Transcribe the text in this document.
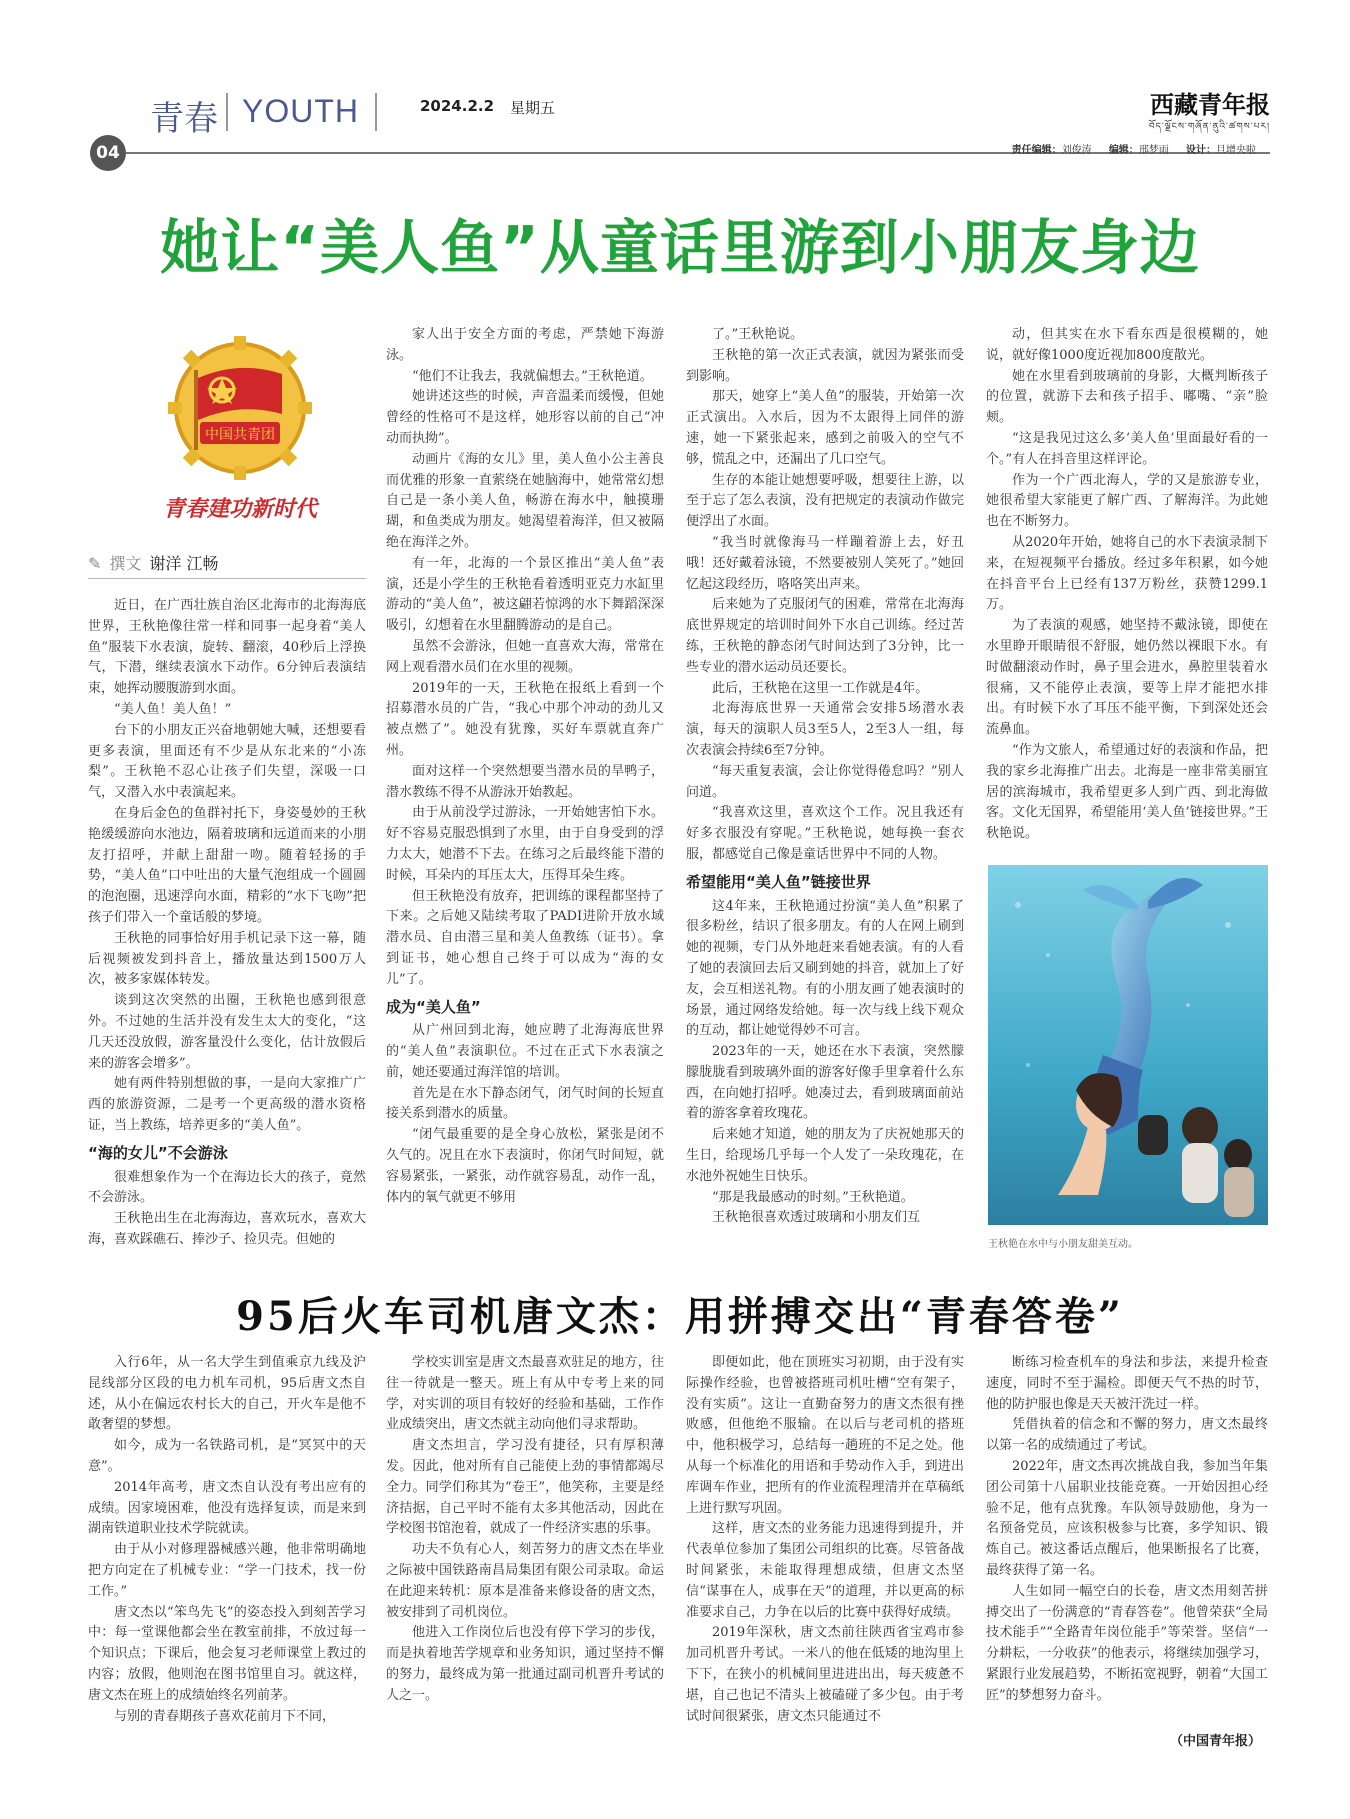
青春 YOUTH	2024.2.2 星期五	西藏青年报
བོད་ལྗོངས་གཞོན་ནུའི་ཚགས་པར།
04	责任编辑：刘俊涛 编辑：邢梦雨 设计：旦增央啦
她让“美人鱼”从童话里游到小朋友身边
中国共青团
青春建功新时代
✎ 撰文 谢洋 江畅

近日，在广西壮族自治区北海市的北海海底世界，王秋艳像往常一样和同事一起身着“美人鱼”服装下水表演，旋转、翻滚，40秒后上浮换气，下潜，继续表演水下动作。6分钟后表演结束，她挥动腰腹游到水面。

“美人鱼！美人鱼！”

台下的小朋友正兴奋地朝她大喊，还想要看更多表演，里面还有不少是从东北来的“小冻梨”。王秋艳不忍心让孩子们失望，深吸一口气，又潜入水中表演起来。

在身后金色的鱼群衬托下，身姿曼妙的王秋艳缓缓游向水池边，隔着玻璃和远道而来的小朋友打招呼，并献上甜甜一吻。随着轻扬的手势，“美人鱼”口中吐出的大量气泡组成一个圆圆的泡泡圈，迅速浮向水面，精彩的“水下飞吻”把孩子们带入一个童话般的梦境。

王秋艳的同事恰好用手机记录下这一幕，随后视频被发到抖音上，播放量达到1500万人次，被多家媒体转发。

谈到这次突然的出圈，王秋艳也感到很意外。不过她的生活并没有发生太大的变化，“这几天还没放假，游客量没什么变化，估计放假后来的游客会增多”。

她有两件特别想做的事，一是向大家推广广西的旅游资源，二是考一个更高级的潜水资格证，当上教练，培养更多的“美人鱼”。

“海的女儿”不会游泳

很难想象作为一个在海边长大的孩子，竟然不会游泳。

王秋艳出生在北海海边，喜欢玩水，喜欢大海，喜欢踩礁石、捧沙子、捡贝壳。但她的

家人出于安全方面的考虑，严禁她下海游泳。

“他们不让我去，我就偏想去。”王秋艳道。

她讲述这些的时候，声音温柔而缓慢，但她曾经的性格可不是这样，她形容以前的自己“冲动而执拗”。

动画片《海的女儿》里，美人鱼小公主善良而优雅的形象一直萦绕在她脑海中，她常常幻想自己是一条小美人鱼，畅游在海水中，触摸珊瑚，和鱼类成为朋友。她渴望着海洋，但又被隔绝在海洋之外。

有一年，北海的一个景区推出“美人鱼”表演，还是小学生的王秋艳看着透明亚克力水缸里游动的“美人鱼”，被这翩若惊鸿的水下舞蹈深深吸引，幻想着在水里翻腾游动的是自己。

虽然不会游泳，但她一直喜欢大海，常常在网上观看潜水员们在水里的视频。

2019年的一天，王秋艳在报纸上看到一个招募潜水员的广告，“我心中那个冲动的劲儿又被点燃了”。她没有犹豫，买好车票就直奔广州。

面对这样一个突然想要当潜水员的旱鸭子，潜水教练不得不从游泳开始教起。

由于从前没学过游泳，一开始她害怕下水。好不容易克服恐惧到了水里，由于自身受到的浮力太大，她潜不下去。在练习之后最终能下潜的时候，耳朵内的耳压太大，压得耳朵生疼。

但王秋艳没有放弃，把训练的课程都坚持了下来。之后她又陆续考取了PADI进阶开放水域潜水员、自由潜三星和美人鱼教练（证书）。拿到证书，她心想自己终于可以成为“海的女儿”了。

成为“美人鱼”

从广州回到北海，她应聘了北海海底世界的“美人鱼”表演职位。不过在正式下水表演之前，她还要通过海洋馆的培训。

首先是在水下静态闭气，闭气时间的长短直接关系到潜水的质量。

“闭气最重要的是全身心放松，紧张是闭不久气的。况且在水下表演时，你闭气时间短，就容易紧张，一紧张，动作就容易乱，动作一乱，体内的氧气就更不够用

了。”王秋艳说。

王秋艳的第一次正式表演，就因为紧张而受到影响。

那天，她穿上“美人鱼”的服装，开始第一次正式演出。入水后，因为不太跟得上同伴的游速，她一下紧张起来，感到之前吸入的空气不够，慌乱之中，还漏出了几口空气。

生存的本能让她想要呼吸，想要往上游，以至于忘了怎么表演，没有把规定的表演动作做完便浮出了水面。

“我当时就像海马一样蹦着游上去，好丑哦！还好戴着泳镜，不然要被别人笑死了。”她回忆起这段经历，咯咯笑出声来。

后来她为了克服闭气的困难，常常在北海海底世界规定的培训时间外下水自己训练。经过苦练，王秋艳的静态闭气时间达到了3分钟，比一些专业的潜水运动员还要长。

此后，王秋艳在这里一工作就是4年。

北海海底世界一天通常会安排5场潜水表演，每天的演职人员3至5人，2至3人一组，每次表演会持续6至7分钟。

“每天重复表演，会让你觉得倦怠吗？”别人问道。

“我喜欢这里，喜欢这个工作。况且我还有好多衣服没有穿呢。”王秋艳说，她每换一套衣服，都感觉自己像是童话世界中不同的人物。

希望能用“美人鱼”链接世界

这4年来，王秋艳通过扮演“美人鱼”积累了很多粉丝，结识了很多朋友。有的人在网上刷到她的视频，专门从外地赶来看她表演。有的人看了她的表演回去后又刷到她的抖音，就加上了好友，会互相送礼物。有的小朋友画了她表演时的场景，通过网络发给她。每一次与线上线下观众的互动，都让她觉得妙不可言。

2023年的一天，她还在水下表演，突然朦朦胧胧看到玻璃外面的游客好像手里拿着什么东西，在向她打招呼。她凑过去，看到玻璃面前站着的游客拿着玫瑰花。

后来她才知道，她的朋友为了庆祝她那天的生日，给现场几乎每一个人发了一朵玫瑰花，在水池外祝她生日快乐。

“那是我最感动的时刻。”王秋艳道。

王秋艳很喜欢透过玻璃和小朋友们互

动，但其实在水下看东西是很模糊的，她说，就好像1000度近视加800度散光。

她在水里看到玻璃前的身影，大概判断孩子的位置，就游下去和孩子招手、嘟嘴、“亲”脸颊。

“这是我见过这么多‘美人鱼’里面最好看的一个。”有人在抖音里这样评论。

作为一个广西北海人，学的又是旅游专业，她很希望大家能更了解广西、了解海洋。为此她也在不断努力。

从2020年开始，她将自己的水下表演录制下来，在短视频平台播放。经过多年积累，如今她在抖音平台上已经有137万粉丝，获赞1299.1万。

为了表演的观感，她坚持不戴泳镜，即使在水里睁开眼睛很不舒服，她仍然以裸眼下水。有时做翻滚动作时，鼻子里会进水，鼻腔里装着水很痛，又不能停止表演，要等上岸才能把水排出。有时候下水了耳压不能平衡，下到深处还会流鼻血。

“作为文旅人，希望通过好的表演和作品，把我的家乡北海推广出去。北海是一座非常美丽宜居的滨海城市，我希望更多人到广西、到北海做客。文化无国界，希望能用‘美人鱼’链接世界。”王秋艳说。

王秋艳在水中与小朋友甜美互动。
95后火车司机唐文杰：用拼搏交出“青春答卷”

入行6年，从一名大学生到值乘京九线及沪昆线部分区段的电力机车司机，95后唐文杰自述，从小在偏远农村长大的自己，开火车是他不敢奢望的梦想。

如今，成为一名铁路司机，是“冥冥中的天意”。

2014年高考，唐文杰自认没有考出应有的成绩。因家境困难，他没有选择复读，而是来到湖南铁道职业技术学院就读。

由于从小对修理器械感兴趣，他非常明确地把方向定在了机械专业：“学一门技术，找一份工作。”

唐文杰以“笨鸟先飞”的姿态投入到刻苦学习中：每一堂课他都会坐在教室前排，不放过每一个知识点；下课后，他会复习老师课堂上教过的内容；放假，他则泡在图书馆里自习。就这样，唐文杰在班上的成绩始终名列前茅。

与别的青春期孩子喜欢花前月下不同，

学校实训室是唐文杰最喜欢驻足的地方，往往一待就是一整天。班上有从中专考上来的同学，对实训的项目有较好的经验和基础，工作作业成绩突出，唐文杰就主动向他们寻求帮助。

唐文杰坦言，学习没有捷径，只有厚积薄发。因此，他对所有自己能使上劲的事情都竭尽全力。同学们称其为“卷王”，他笑称，主要是经济拮据，自己平时不能有太多其他活动，因此在学校图书馆泡着，就成了一件经济实惠的乐事。

功夫不负有心人，刻苦努力的唐文杰在毕业之际被中国铁路南昌局集团有限公司录取。命运在此迎来转机：原本是准备来修设备的唐文杰，被安排到了司机岗位。

他进入工作岗位后也没有停下学习的步伐，而是执着地苦学规章和业务知识，通过坚持不懈的努力，最终成为第一批通过副司机晋升考试的人之一。

即便如此，他在顶班实习初期，由于没有实际操作经验，也曾被搭班司机吐槽“空有架子，没有实质”。这让一直勤奋努力的唐文杰很有挫败感，但他绝不服输。在以后与老司机的搭班中，他积极学习，总结每一趟班的不足之处。他从每一个标准化的用语和手势动作入手，到进出库调车作业，把所有的作业流程理清并在草稿纸上进行默写巩固。

这样，唐文杰的业务能力迅速得到提升，并代表单位参加了集团公司组织的比赛。尽管备战时间紧张，未能取得理想成绩，但唐文杰坚信“谋事在人，成事在天”的道理，并以更高的标准要求自己，力争在以后的比赛中获得好成绩。

2019年深秋，唐文杰前往陕西省宝鸡市参加司机晋升考试。一米八的他在低矮的地沟里上下下，在狭小的机械间里进进出出，每天疲惫不堪，自己也记不清头上被磕碰了多少包。由于考试时间很紧张，唐文杰只能通过不

断练习检查机车的身法和步法，来提升检查速度，同时不至于漏检。即便天气不热的时节，他的防护服也像是天天被汗洗过一样。

凭借执着的信念和不懈的努力，唐文杰最终以第一名的成绩通过了考试。

2022年，唐文杰再次挑战自我，参加当年集团公司第十八届职业技能竞赛。一开始因担心经验不足，他有点犹豫。车队领导鼓励他，身为一名预备党员，应该积极参与比赛，多学知识、锻炼自己。被这番话点醒后，他果断报名了比赛，最终获得了第一名。

人生如同一幅空白的长卷，唐文杰用刻苦拼搏交出了一份满意的“青春答卷”。他曾荣获“全局技术能手”“全路青年岗位能手”等荣誉。坚信“一分耕耘，一分收获”的他表示，将继续加强学习，紧跟行业发展趋势，不断拓宽视野，朝着“大国工匠”的梦想努力奋斗。

（中国青年报）
